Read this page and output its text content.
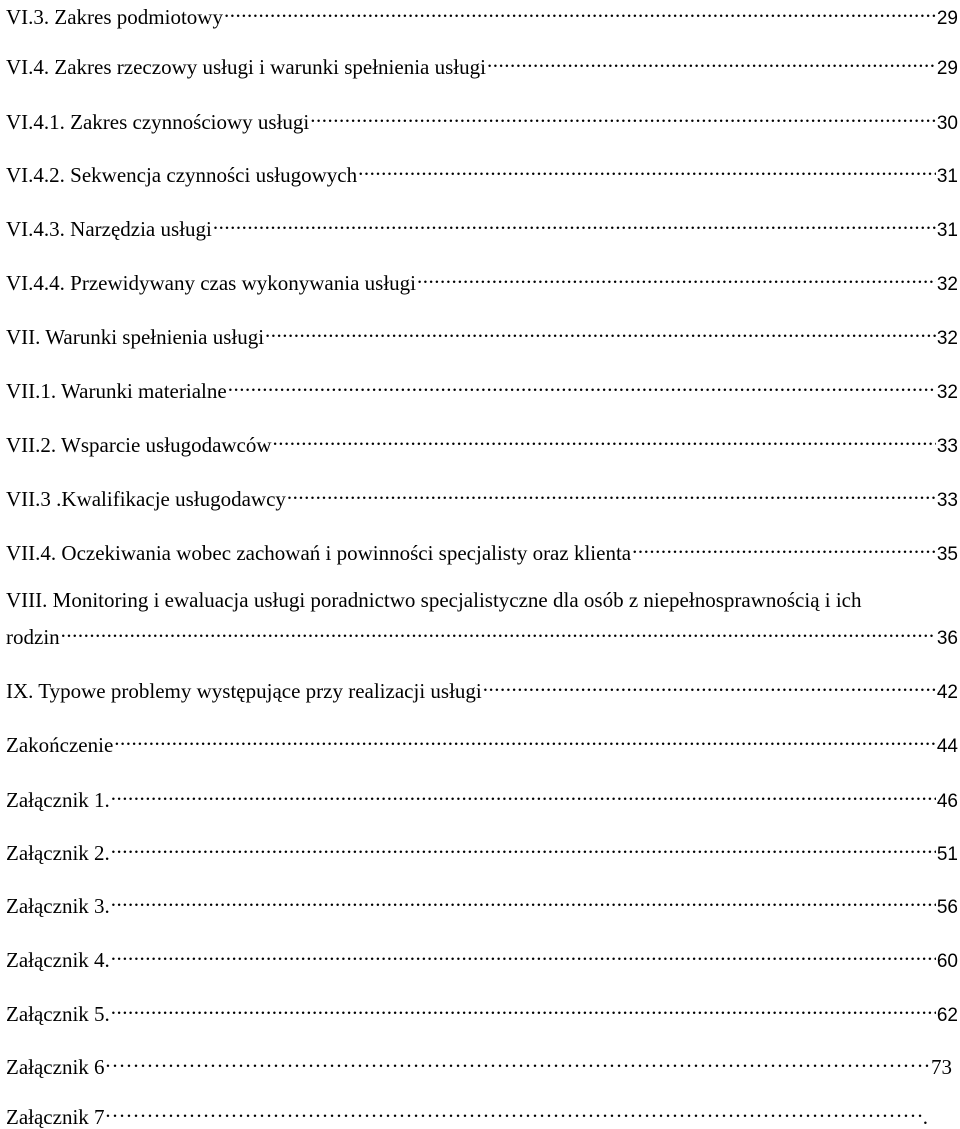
VI.3. Zakres podmiotowy .....	29
VI.4. Zakres rzeczowy usługi i warunki spełnienia usługi .....	29
VI.4.1. Zakres czynnościowy usługi .....	30
VI.4.2. Sekwencja czynności usługowych .....	31
VI.4.3. Narzędzia usługi .....	31
VI.4.4. Przewidywany czas wykonywania usługi .....	32
VII. Warunki spełnienia usługi .....	32
VII.1. Warunki materialne .....	32
VII.2. Wsparcie usługodawców .....	33
VII.3 .Kwalifikacje usługodawcy .....	33
VII.4. Oczekiwania wobec zachowań i powinności specjalisty oraz klienta .....	35
VIII. Monitoring i ewaluacja usługi poradnictwo specjalistyczne dla osób z niepełnosprawnością i ich
rodzin .....	36
IX. Typowe problemy występujące przy realizacji usługi .....	42
Zakończenie .....	44
Załącznik 1. .....	46
Załącznik 2. .....	51
Załącznik 3. .....	56
Załącznik 4. .....	60
Załącznik 5. .....	62
Załącznik 6 ……………………………………………………………………………………………………………	73
Załącznik 7 ……………………………………………………………………………………………………………	.
